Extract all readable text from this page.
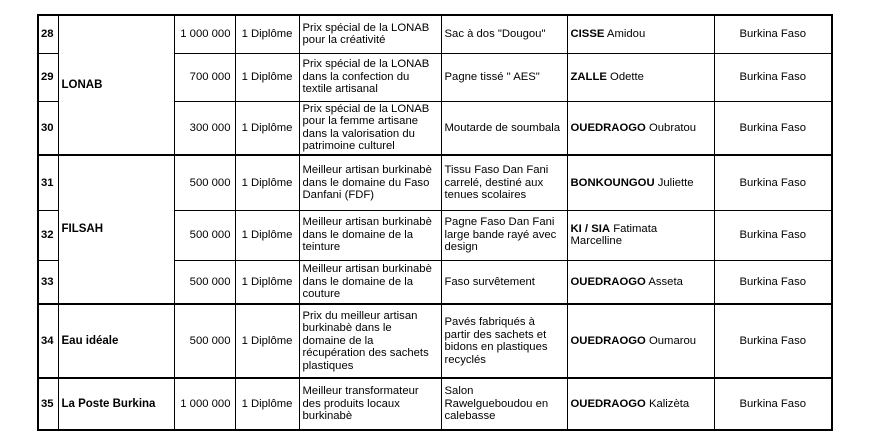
28	LONAB	1 000 000	1 Diplôme	Prix spécial de la LONAB pour la créativité	Sac à dos "Dougou"	CISSE Amidou	Burkina Faso
29		700 000	1 Diplôme	Prix spécial de la LONAB dans la confection du textile artisanal	Pagne tissé " AES"	ZALLE Odette	Burkina Faso
30		300 000	1 Diplôme	Prix spécial de la LONAB pour la femme artisane dans la valorisation du patrimoine culturel	Moutarde de soumbala	OUEDRAOGO Oubratou	Burkina Faso
31	FILSAH	500 000	1 Diplôme	Meilleur artisan burkinabè dans le domaine du Faso Danfani (FDF)	Tissu Faso Dan Fani carrelé, destiné aux tenues scolaires	BONKOUNGOU Juliette	Burkina Faso
32		500 000	1 Diplôme	Meilleur artisan burkinabè dans le domaine de la teinture	Pagne Faso Dan Fani large bande rayé avec design	KI / SIA Fatimata Marcelline	Burkina Faso
33		500 000	1 Diplôme	Meilleur artisan burkinabè dans le domaine de la couture	Faso survêtement	OUEDRAOGO Asseta	Burkina Faso
34	Eau idéale	500 000	1 Diplôme	Prix du meilleur artisan burkinabè dans le domaine de la récupération des sachets plastiques	Pavés fabriqués à partir des sachets et bidons en plastiques recyclés	OUEDRAOGO Oumarou	Burkina Faso
35	La Poste Burkina	1 000 000	1 Diplôme	Meilleur transformateur des produits locaux burkinabè	Salon Rawelgueboudou en calebasse	OUEDRAOGO Kalizèta	Burkina Faso
